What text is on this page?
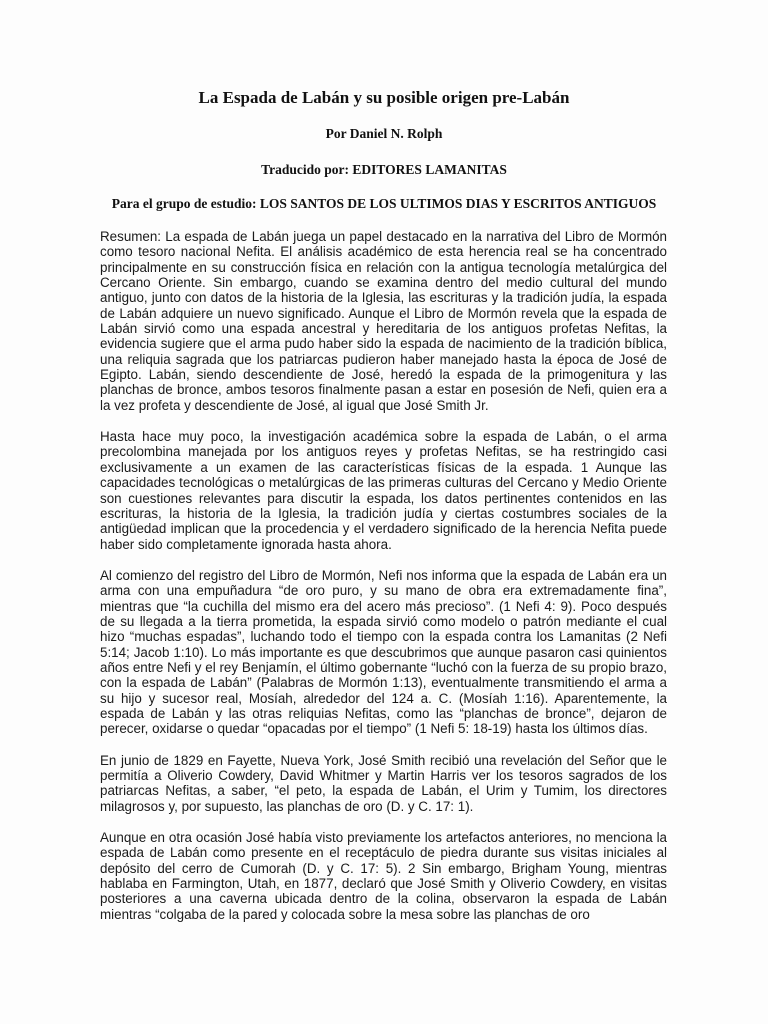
La Espada de Labán y su posible origen pre-Labán

Por Daniel N. Rolph

Traducido por: EDITORES LAMANITAS

Para el grupo de estudio: LOS SANTOS DE LOS ULTIMOS DIAS Y ESCRITOS ANTIGUOS

Resumen: La espada de Labán juega un papel destacado en la narrativa del Libro de Mormón como tesoro nacional Nefita. El análisis académico de esta herencia real se ha concentrado principalmente en su construcción física en relación con la antigua tecnología metalúrgica del Cercano Oriente. Sin embargo, cuando se examina dentro del medio cultural del mundo antiguo, junto con datos de la historia de la Iglesia, las escrituras y la tradición judía, la espada de Labán adquiere un nuevo significado. Aunque el Libro de Mormón revela que la espada de Labán sirvió como una espada ancestral y hereditaria de los antiguos profetas Nefitas, la evidencia sugiere que el arma pudo haber sido la espada de nacimiento de la tradición bíblica, una reliquia sagrada que los patriarcas pudieron haber manejado hasta la época de José de Egipto. Labán, siendo descendiente de José, heredó la espada de la primogenitura y las planchas de bronce, ambos tesoros finalmente pasan a estar en posesión de Nefi, quien era a la vez profeta y descendiente de José, al igual que José Smith Jr.

Hasta hace muy poco, la investigación académica sobre la espada de Labán, o el arma precolombina manejada por los antiguos reyes y profetas Nefitas, se ha restringido casi exclusivamente a un examen de las características físicas de la espada. 1 Aunque las capacidades tecnológicas o metalúrgicas de las primeras culturas del Cercano y Medio Oriente son cuestiones relevantes para discutir la espada, los datos pertinentes contenidos en las escrituras, la historia de la Iglesia, la tradición judía y ciertas costumbres sociales de la antigüedad implican que la procedencia y el verdadero significado de la herencia Nefita puede haber sido completamente ignorada hasta ahora.

Al comienzo del registro del Libro de Mormón, Nefi nos informa que la espada de Labán era un arma con una empuñadura “de oro puro, y su mano de obra era extremadamente fina”, mientras que “la cuchilla del mismo era del acero más precioso”. (1 Nefi 4: 9). Poco después de su llegada a la tierra prometida, la espada sirvió como modelo o patrón mediante el cual hizo “muchas espadas”, luchando todo el tiempo con la espada contra los Lamanitas (2 Nefi 5:14; Jacob 1:10). Lo más importante es que descubrimos que aunque pasaron casi quinientos años entre Nefi y el rey Benjamín, el último gobernante “luchó con la fuerza de su propio brazo, con la espada de Labán” (Palabras de Mormón 1:13), eventualmente transmitiendo el arma a su hijo y sucesor real, Mosíah, alrededor del 124 a. C. (Mosíah 1:16). Aparentemente, la espada de Labán y las otras reliquias Nefitas, como las “planchas de bronce”, dejaron de perecer, oxidarse o quedar “opacadas por el tiempo” (1 Nefi 5: 18-19) hasta los últimos días.

En junio de 1829 en Fayette, Nueva York, José Smith recibió una revelación del Señor que le permitía a Oliverio Cowdery, David Whitmer y Martin Harris ver los tesoros sagrados de los patriarcas Nefitas, a saber, “el peto, la espada de Labán, el Urim y Tumim, los directores milagrosos y, por supuesto, las planchas de oro (D. y C. 17: 1).

Aunque en otra ocasión José había visto previamente los artefactos anteriores, no menciona la espada de Labán como presente en el receptáculo de piedra durante sus visitas iniciales al depósito del cerro de Cumorah (D. y C. 17: 5). 2 Sin embargo, Brigham Young, mientras hablaba en Farmington, Utah, en 1877, declaró que José Smith y Oliverio Cowdery, en visitas posteriores a una caverna ubicada dentro de la colina, observaron la espada de Labán mientras “colgaba de la pared y colocada sobre la mesa sobre las planchas de oro
